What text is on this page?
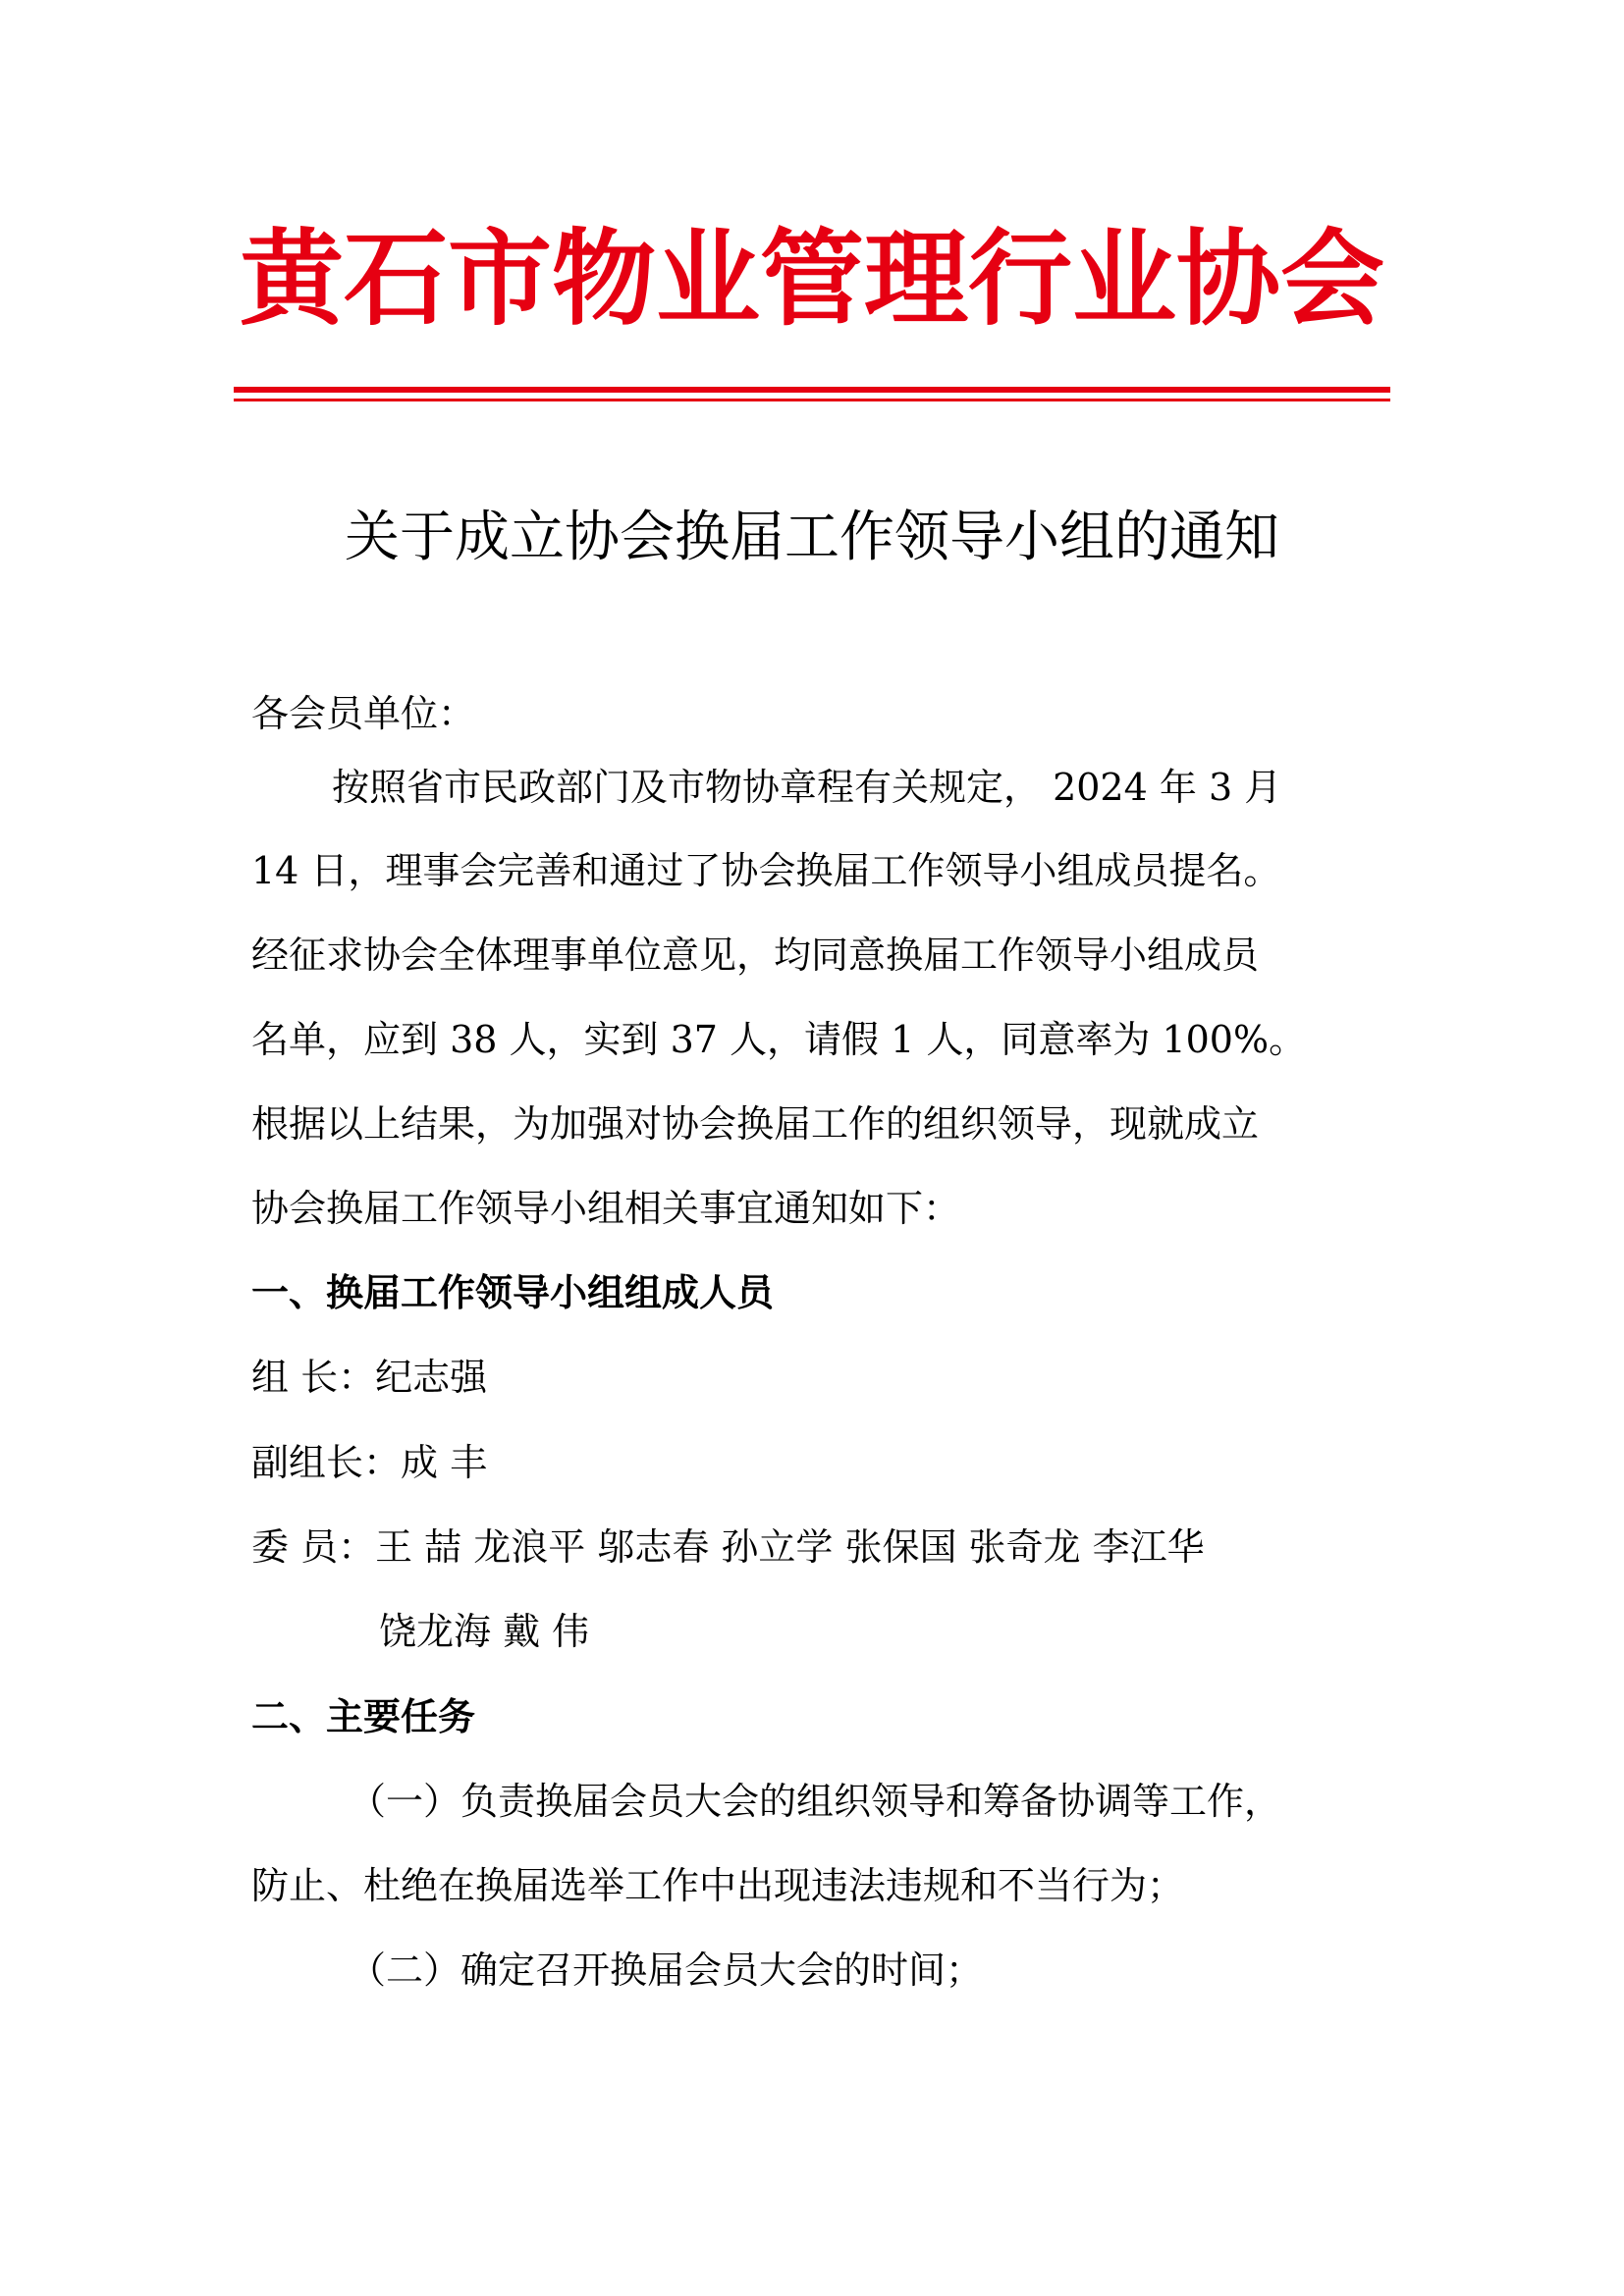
黄石市物业管理行业协会
关于成立协会换届工作领导小组的通知
各会员单位：
按照省市民政部门及市物协章程有关规定， 2024 年 3 月
14 日，理事会完善和通过了协会换届工作领导小组成员提名。
经征求协会全体理事单位意见，均同意换届工作领导小组成员
名单，应到 38 人，实到 37 人，请假 1 人，同意率为 100%。
根据以上结果，为加强对协会换届工作的组织领导，现就成立
协会换届工作领导小组相关事宜通知如下：
一、换届工作领导小组组成人员
组 长：纪志强
副组长：成 丰
委 员：王 喆 龙浪平 邬志春 孙立学 张保国 张奇龙 李江华
饶龙海 戴 伟
二、主要任务
（一）负责换届会员大会的组织领导和筹备协调等工作，
防止、杜绝在换届选举工作中出现违法违规和不当行为；
（二）确定召开换届会员大会的时间；
